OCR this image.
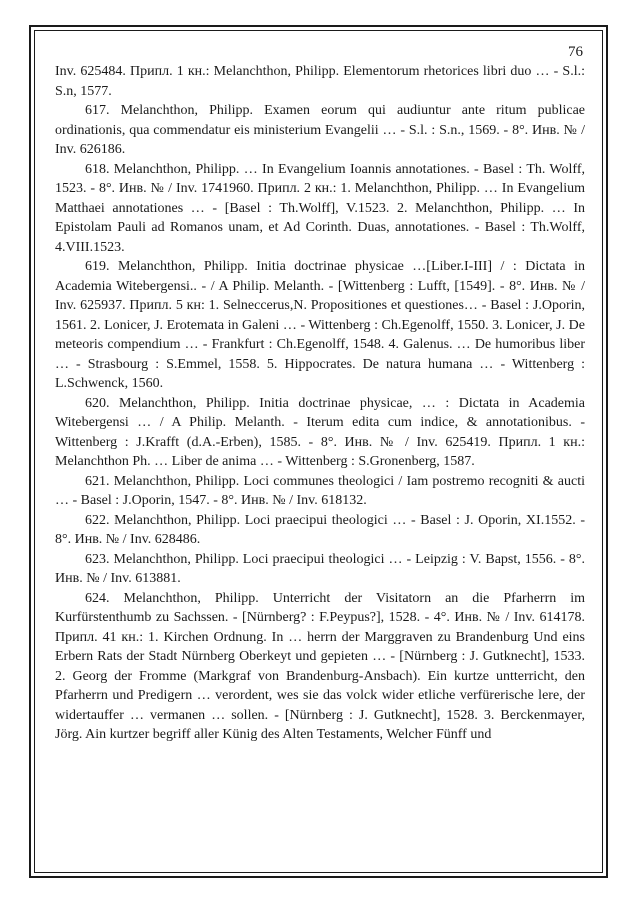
76

Inv. 625484. Припл. 1 кн.: Melanchthon, Philipp. Elementorum rhetorices libri duo … - S.l.: S.n, 1577.

617. Melanchthon, Philipp. Examen eorum qui audiuntur ante ritum publicae ordinationis, qua commendatur eis ministerium Evangelii … - S.l. : S.n., 1569. - 8°. Инв. № / Inv. 626186.

618. Melanchthon, Philipp. … In Evangelium Ioannis annotationes. - Basel : Th. Wolff, 1523. - 8°. Инв. № / Inv. 1741960. Припл. 2 кн.: 1. Melanchthon, Philipp. … In Evangelium Matthaei annotationes … - [Basel : Th.Wolff], V.1523. 2. Melanchthon, Philipp. … In Epistolam Pauli ad Romanos unam, et Ad Corinth. Duas, annotationes. - Basel : Th.Wolff, 4.VIII.1523.

619. Melanchthon, Philipp. Initia doctrinae physicae …[Liber.I-III] / : Dictata in Academia Witebergensi.. - / A Philip. Melanth. - [Wittenberg : Lufft, [1549]. - 8°. Инв. № / Inv. 625937. Припл. 5 кн: 1. Selneccerus,N. Propositiones et questiones… - Basel : J.Oporin, 1561. 2. Lonicer, J. Erotemata in Galeni … - Wittenberg : Ch.Egenolff, 1550. 3. Lonicer, J. De meteoris compendium … - Frankfurt : Ch.Egenolff, 1548. 4. Galenus. … De humoribus liber … - Strasbourg : S.Emmel, 1558. 5. Hippocrates. De natura humana … - Wittenberg : L.Schwenck, 1560.

620. Melanchthon, Philipp. Initia doctrinae physicae, … : Dictata in Academia Witebergensi … / A Philip. Melanth. - Iterum edita cum indice, & annotationibus. - Wittenberg : J.Krafft (d.A.-Erben), 1585. - 8°. Инв. № / Inv. 625419. Припл. 1 кн.: Melanchthon Ph. … Liber de anima … - Wittenberg : S.Gronenberg, 1587.

621. Melanchthon, Philipp. Loci communes theologici / Iam postremo recogniti & aucti … - Basel : J.Oporin, 1547. - 8°. Инв. № / Inv. 618132.

622. Melanchthon, Philipp. Loci praecipui theologici … - Basel : J. Oporin, XI.1552. - 8°. Инв. № / Inv. 628486.

623. Melanchthon, Philipp. Loci praecipui theologici … - Leipzig : V. Bapst, 1556. - 8°. Инв. № / Inv. 613881.

624. Melanchthon, Philipp. Unterricht der Visitatorn an die Pfarherrn im Kurfürstenthumb zu Sachssen. - [Nürnberg? : F.Peypus?], 1528. - 4°. Инв. № / Inv. 614178. Припл. 41 кн.: 1. Kirchen Ordnung. In … herrn der Marggraven zu Brandenburg Und eins Erbern Rats der Stadt Nürnberg Oberkeyt und gepieten … - [Nürnberg : J. Gutknecht], 1533. 2. Georg der Fromme (Markgraf von Brandenburg-Ansbach). Ein kurtze untterricht, den Pfarherrn und Predigern … verordent, wes sie das volck wider etliche verfürerische lere, der widertauffer … vermanen … sollen. - [Nürnberg : J. Gutknecht], 1528. 3. Berckenmayer, Jörg. Ain kurtzer begriff aller Künig des Alten Testaments, Welcher Fünff und
